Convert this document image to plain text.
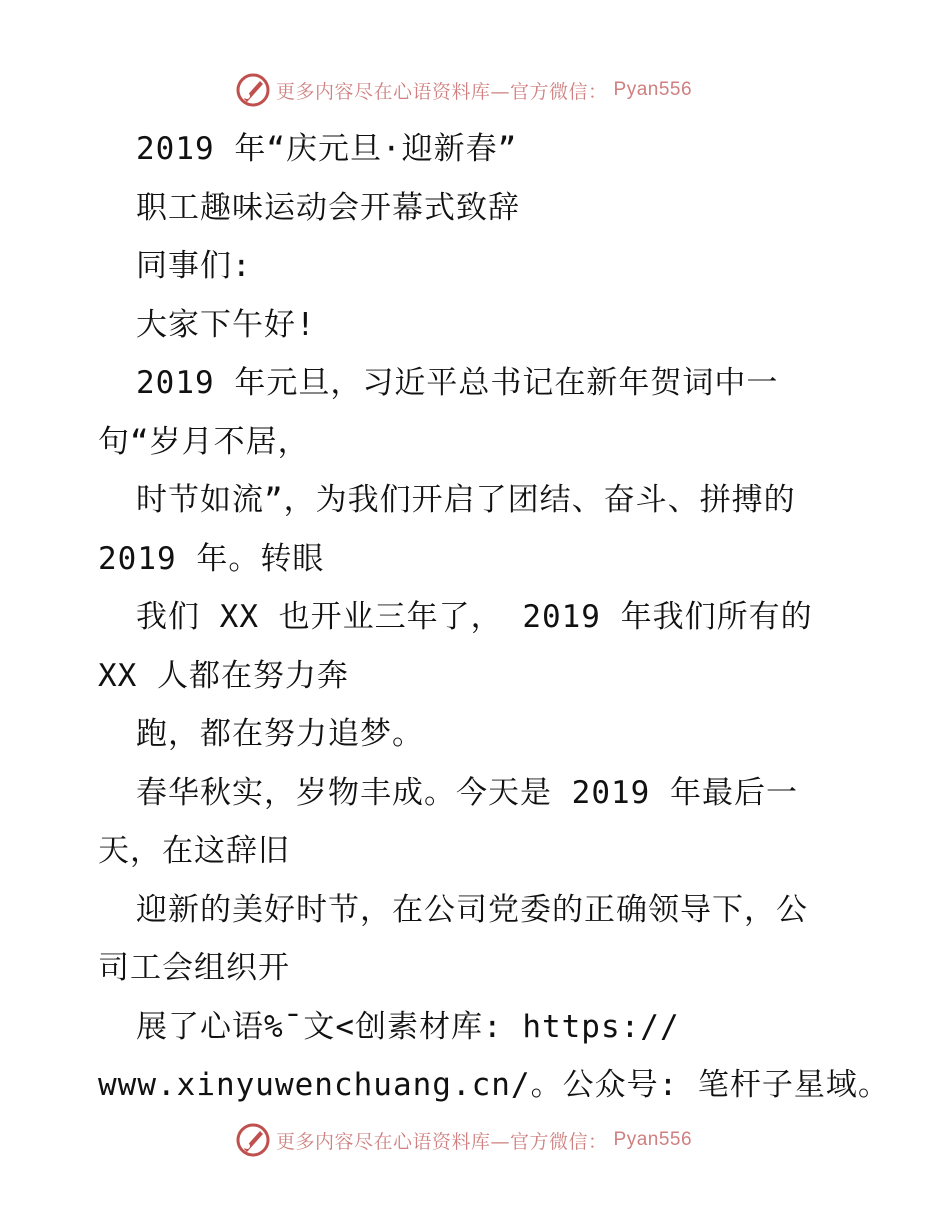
更多内容尽在心语资料库—官方微信： Pyan556
2019 年“庆元旦·迎新春”
职工趣味运动会开幕式致辞
同事们:
大家下午好!
2019 年元旦，习近平总书记在新年贺词中一
句“岁月不居，
时节如流”，为我们开启了团结、奋斗、拼搏的
2019 年。转眼
我们 XX 也开业三年了， 2019 年我们所有的
XX 人都在努力奔
跑，都在努力追梦。
春华秋实，岁物丰成。今天是 2019 年最后一
天，在这辞旧
迎新的美好时节，在公司党委的正确领导下，公
司工会组织开
展了心语%¯文<创素材库: https://
www.xinyuwenchuang.cn/。公众号: 笔杆子星域。
更多内容尽在心语资料库—官方微信： Pyan556
